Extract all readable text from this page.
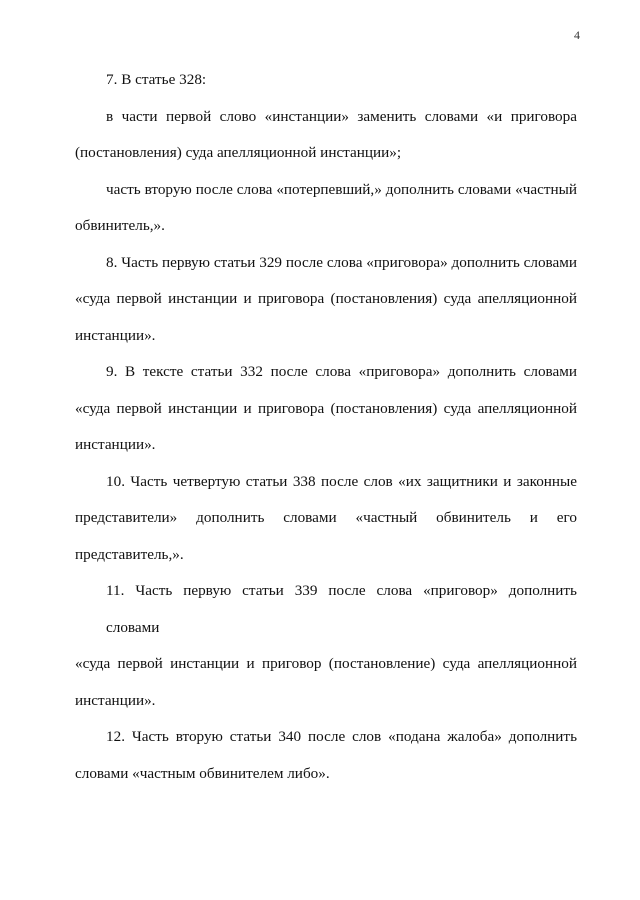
4
7. В статье 328:
в части первой слово «инстанции» заменить словами «и приговора
(постановления) суда апелляционной инстанции»;
часть вторую после слова «потерпевший,» дополнить словами «частный
обвинитель,».
8. Часть первую статьи 329 после слова «приговора» дополнить словами
«суда первой инстанции и приговора (постановления) суда апелляционной
инстанции».
9. В тексте статьи 332 после слова «приговора» дополнить словами
«суда первой инстанции и приговора (постановления) суда апелляционной
инстанции».
10. Часть четвертую статьи 338 после слов «их защитники и законные
представители» дополнить словами «частный обвинитель и его
представитель,».
11. Часть первую статьи 339 после слова «приговор» дополнить словами
«суда первой инстанции и приговор (постановление) суда апелляционной
инстанции».
12. Часть вторую статьи 340 после слов «подана жалоба» дополнить
словами «частным обвинителем либо».
